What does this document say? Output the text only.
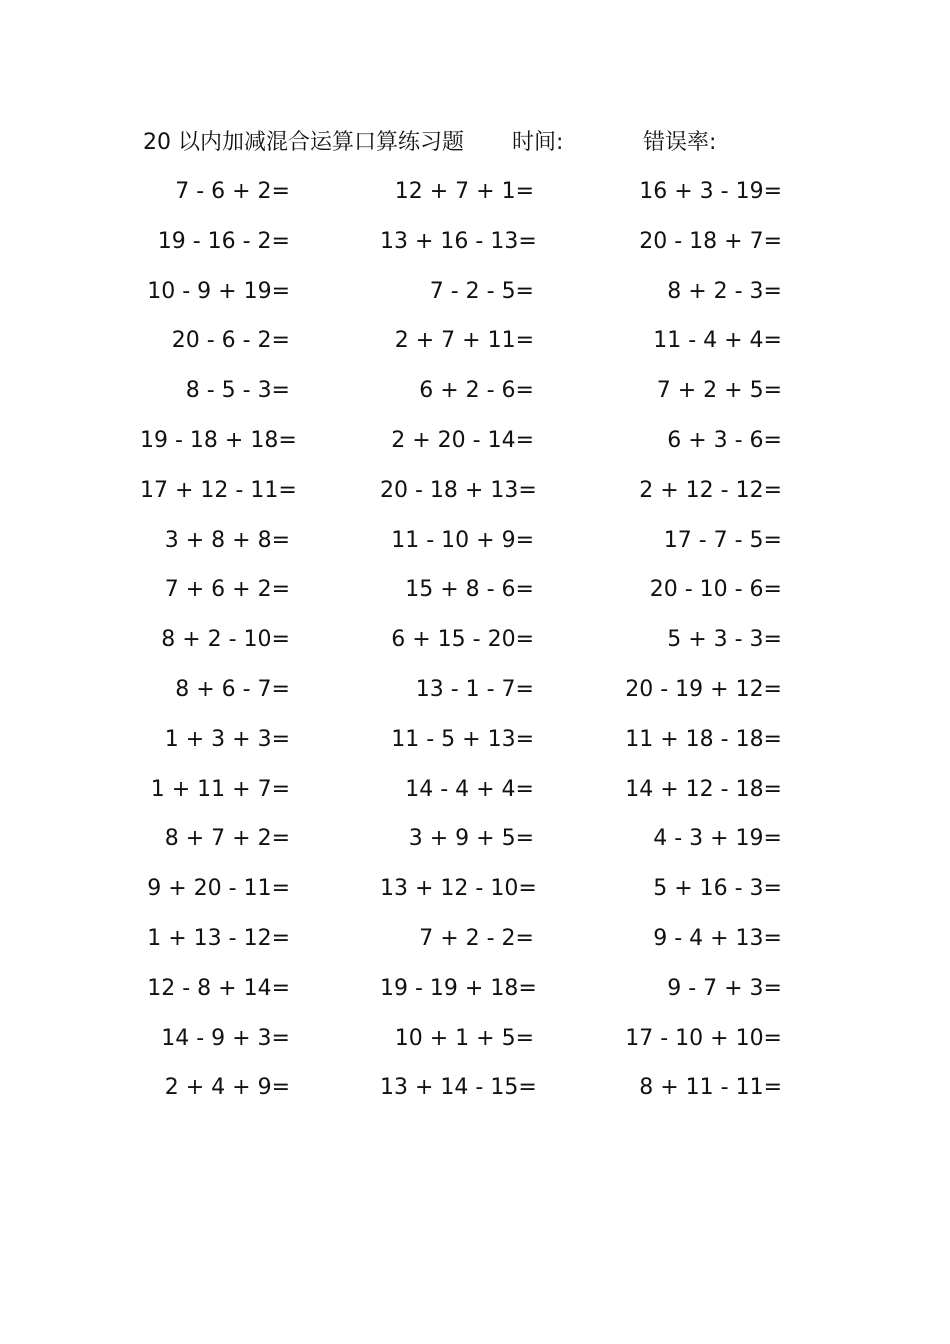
20 以内加减混合运算口算练习题 时间:	错误率:
7 - 6 + 2=
19 - 16 - 2=
10 - 9 + 19=
20 - 6 - 2=
8 - 5 - 3=
19 - 18 + 18=
17 + 12 - 11=
3 + 8 + 8=
7 + 6 + 2=
8 + 2 - 10=
8 + 6 - 7=
1 + 3 + 3=
1 + 11 + 7=
8 + 7 + 2=
9 + 20 - 11=
1 + 13 - 12=
12 - 8 + 14=
14 - 9 + 3=
2 + 4 + 9=
12 + 7 + 1=
13 + 16 - 13=
7 - 2 - 5=
2 + 7 + 11=
6 + 2 - 6=
2 + 20 - 14=
20 - 18 + 13=
11 - 10 + 9=
15 + 8 - 6=
6 + 15 - 20=
13 - 1 - 7=
11 - 5 + 13=
14 - 4 + 4=
3 + 9 + 5=
13 + 12 - 10=
7 + 2 - 2=
19 - 19 + 18=
10 + 1 + 5=
13 + 14 - 15=
16 + 3 - 19=
20 - 18 + 7=
8 + 2 - 3=
11 - 4 + 4=
7 + 2 + 5=
6 + 3 - 6=
2 + 12 - 12=
17 - 7 - 5=
20 - 10 - 6=
5 + 3 - 3=
20 - 19 + 12=
11 + 18 - 18=
14 + 12 - 18=
4 - 3 + 19=
5 + 16 - 3=
9 - 4 + 13=
9 - 7 + 3=
17 - 10 + 10=
8 + 11 - 11=
